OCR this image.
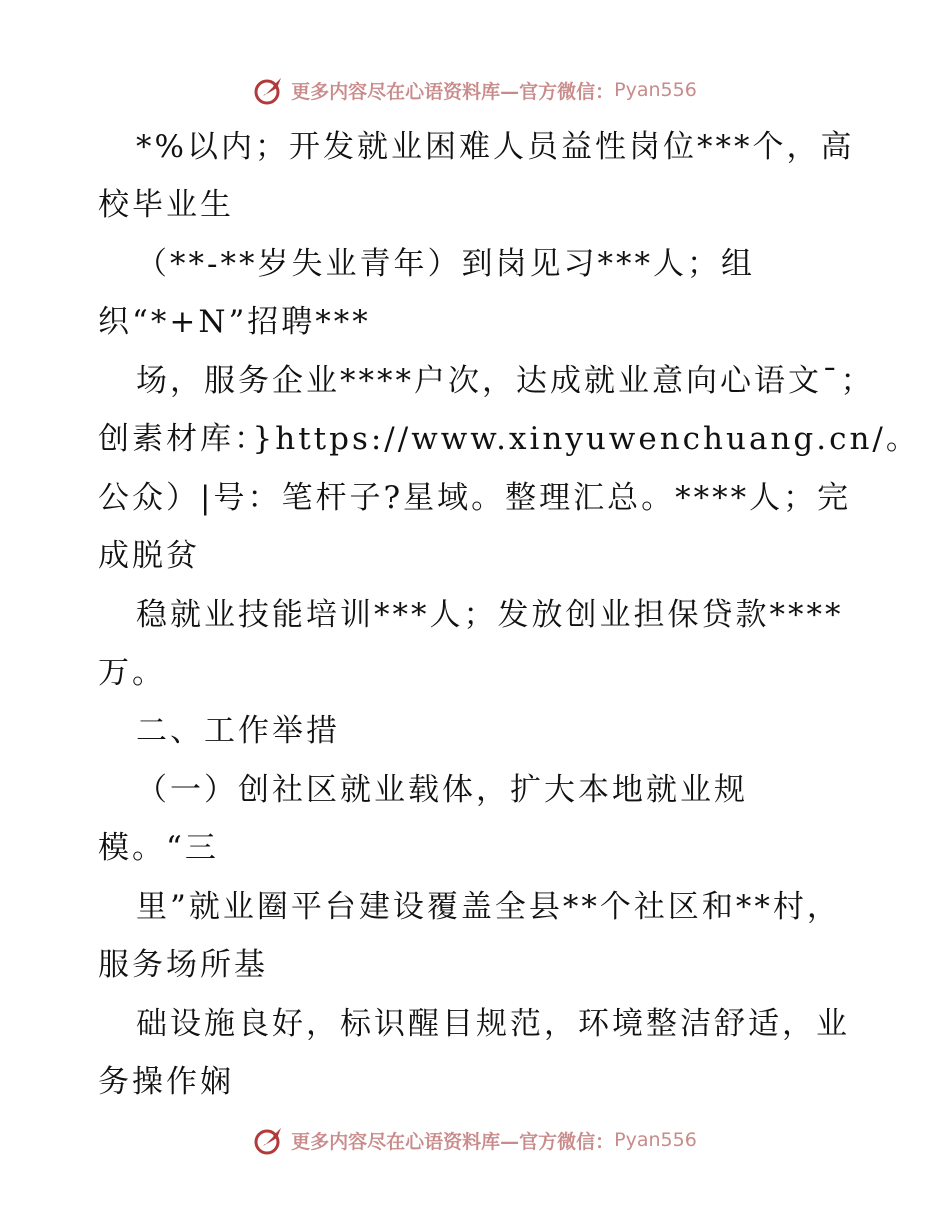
更多内容尽在心语资料库—官方微信： Pyan556
*%以内；开发就业困难人员益性岗位***个，高
校毕业生
（**-**岁失业青年）到岗见习***人；组
织“*+N”招聘***
场，服务企业****户次，达成就业意向心语文¯；
创素材库：}https://www.xinyuwenchuang.cn/。
公众）|号：笔杆子?星域。整理汇总。****人；完
成脱贫
稳就业技能培训***人；发放创业担保贷款****
万。
二、工作举措
（一）创社区就业载体，扩大本地就业规
模。“三
里”就业圈平台建设覆盖全县**个社区和**村，
服务场所基
础设施良好，标识醒目规范，环境整洁舒适，业
务操作娴
更多内容尽在心语资料库—官方微信： Pyan556
